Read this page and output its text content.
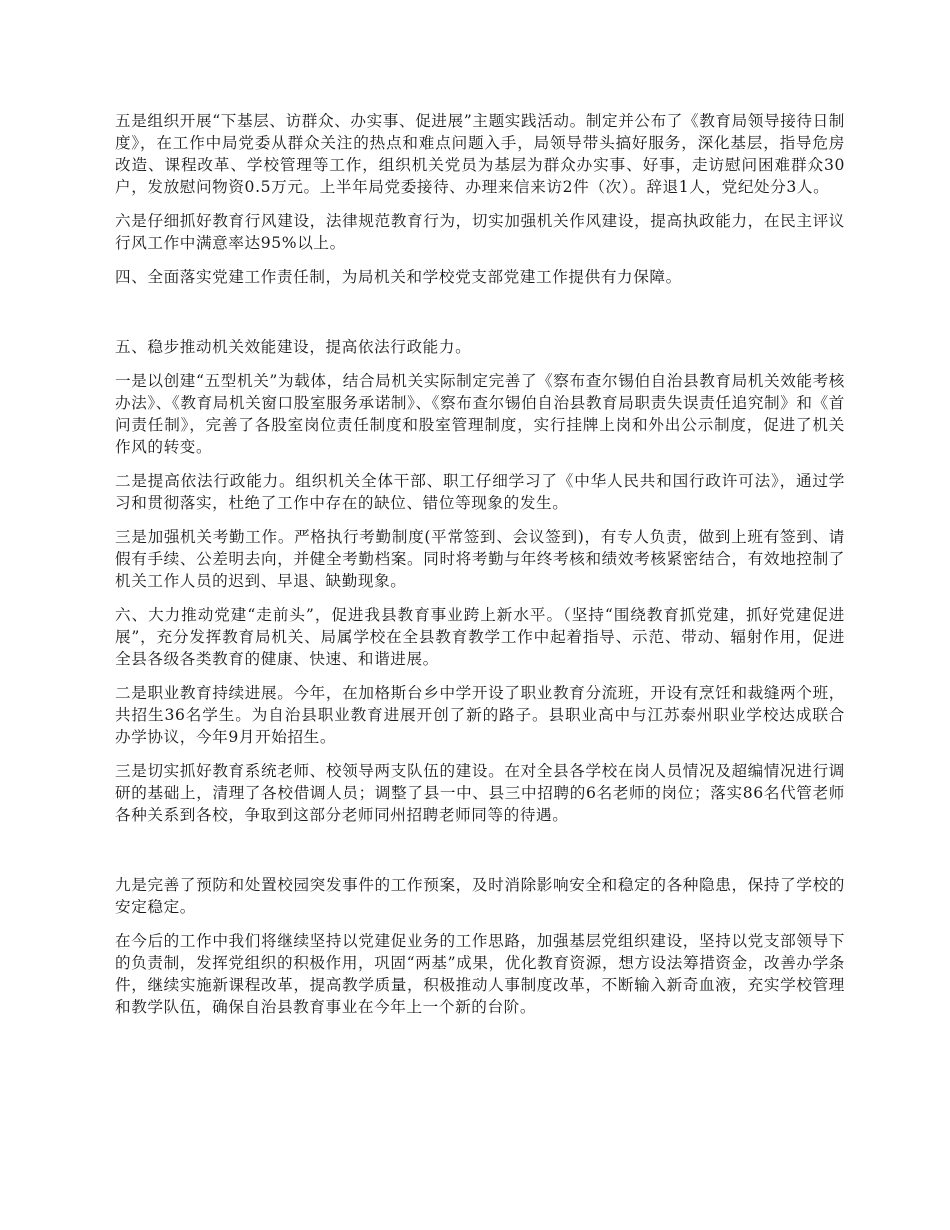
五是组织开展“下基层、访群众、办实事、促进展”主题实践活动。制定并公布了《教育局领导接待日制度》，在工作中局党委从群众关注的热点和难点问题入手，局领导带头搞好服务，深化基层，指导危房改造、课程改革、学校管理等工作，组织机关党员为基层为群众办实事、好事，走访慰问困难群众30户，发放慰问物资0.5万元。上半年局党委接待、办理来信来访2件（次）。辞退1人，党纪处分3人。

六是仔细抓好教育行风建设，法律规范教育行为，切实加强机关作风建设，提高执政能力，在民主评议行风工作中满意率达95%以上。

四、全面落实党建工作责任制，为局机关和学校党支部党建工作提供有力保障。

五、稳步推动机关效能建设，提高依法行政能力。

一是以创建“五型机关”为载体，结合局机关实际制定完善了《察布查尔锡伯自治县教育局机关效能考核办法》、《教育局机关窗口股室服务承诺制》、《察布查尔锡伯自治县教育局职责失误责任追究制》和《首问责任制》，完善了各股室岗位责任制度和股室管理制度，实行挂牌上岗和外出公示制度，促进了机关作风的转变。

二是提高依法行政能力。组织机关全体干部、职工仔细学习了《中华人民共和国行政许可法》，通过学习和贯彻落实，杜绝了工作中存在的缺位、错位等现象的发生。

三是加强机关考勤工作。严格执行考勤制度(平常签到、会议签到)，有专人负责，做到上班有签到、请假有手续、公差明去向，并健全考勤档案。同时将考勤与年终考核和绩效考核紧密结合，有效地控制了机关工作人员的迟到、早退、缺勤现象。

六、大力推动党建“走前头”，促进我县教育事业跨上新水平。（坚持“围绕教育抓党建，抓好党建促进展”，充分发挥教育局机关、局属学校在全县教育教学工作中起着指导、示范、带动、辐射作用，促进全县各级各类教育的健康、快速、和谐进展。

二是职业教育持续进展。今年，在加格斯台乡中学开设了职业教育分流班，开设有烹饪和裁缝两个班，共招生36名学生。为自治县职业教育进展开创了新的路子。县职业高中与江苏泰州职业学校达成联合办学协议，今年9月开始招生。

三是切实抓好教育系统老师、校领导两支队伍的建设。在对全县各学校在岗人员情况及超编情况进行调研的基础上，清理了各校借调人员；调整了县一中、县三中招聘的6名老师的岗位；落实86名代管老师各种关系到各校，争取到这部分老师同州招聘老师同等的待遇。

九是完善了预防和处置校园突发事件的工作预案，及时消除影响安全和稳定的各种隐患，保持了学校的安定稳定。

在今后的工作中我们将继续坚持以党建促业务的工作思路，加强基层党组织建设，坚持以党支部领导下的负责制，发挥党组织的积极作用，巩固“两基”成果，优化教育资源，想方设法筹措资金，改善办学条件，继续实施新课程改革，提高教学质量，积极推动人事制度改革，不断输入新奇血液，充实学校管理和教学队伍，确保自治县教育事业在今年上一个新的台阶。
